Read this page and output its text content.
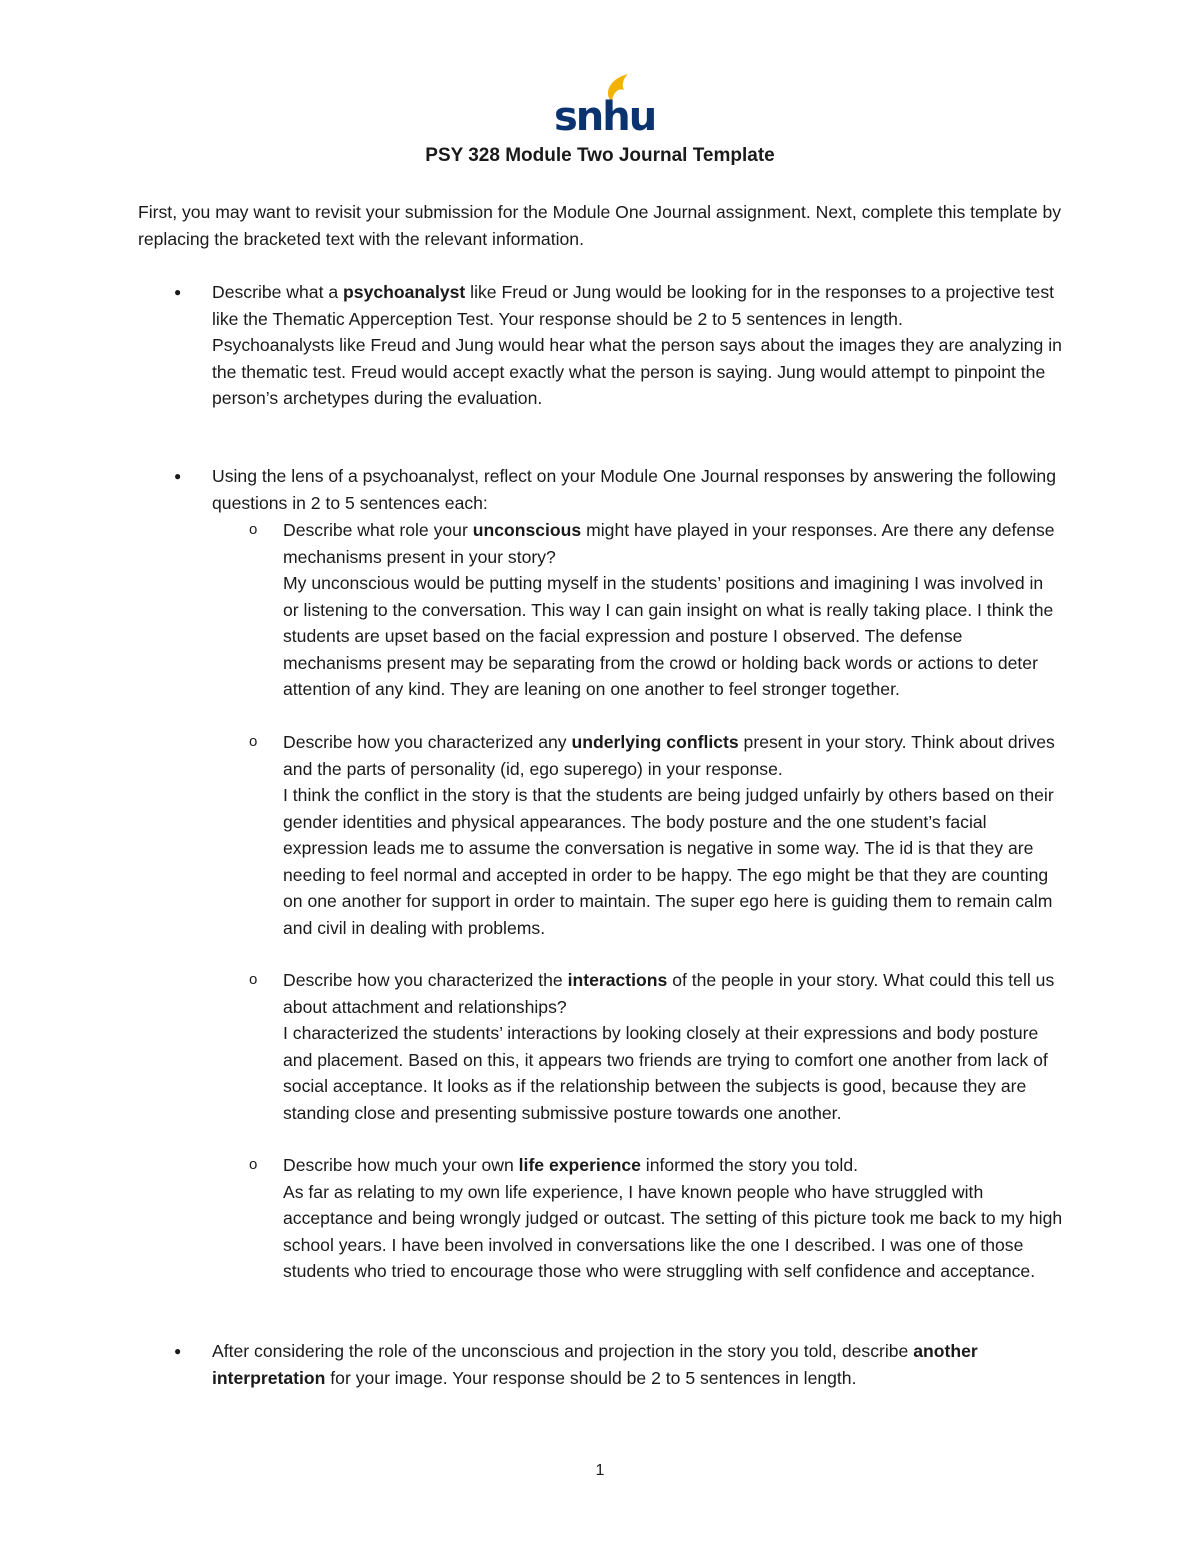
snhu
PSY 328 Module Two Journal Template

First, you may want to revisit your submission for the Module One Journal assignment. Next, complete this template by replacing the bracketed text with the relevant information.

● Describe what a psychoanalyst like Freud or Jung would be looking for in the responses to a projective test like the Thematic Apperception Test. Your response should be 2 to 5 sentences in length.

Psychoanalysts like Freud and Jung would hear what the person says about the images they are analyzing in the thematic test. Freud would accept exactly what the person is saying. Jung would attempt to pinpoint the person’s archetypes during the evaluation.

● Using the lens of a psychoanalyst, reflect on your Module One Journal responses by answering the following questions in 2 to 5 sentences each:

o Describe what role your unconscious might have played in your responses. Are there any defense mechanisms present in your story?

My unconscious would be putting myself in the students’ positions and imagining I was involved in or listening to the conversation. This way I can gain insight on what is really taking place. I think the students are upset based on the facial expression and posture I observed. The defense mechanisms present may be separating from the crowd or holding back words or actions to deter attention of any kind. They are leaning on one another to feel stronger together.

o Describe how you characterized any underlying conflicts present in your story. Think about drives and the parts of personality (id, ego superego) in your response.

I think the conflict in the story is that the students are being judged unfairly by others based on their gender identities and physical appearances. The body posture and the one student’s facial expression leads me to assume the conversation is negative in some way. The id is that they are needing to feel normal and accepted in order to be happy. The ego might be that they are counting on one another for support in order to maintain. The super ego here is guiding them to remain calm and civil in dealing with problems.

o Describe how you characterized the interactions of the people in your story. What could this tell us about attachment and relationships?

I characterized the students’ interactions by looking closely at their expressions and body posture and placement. Based on this, it appears two friends are trying to comfort one another from lack of social acceptance. It looks as if the relationship between the subjects is good, because they are standing close and presenting submissive posture towards one another.

o Describe how much your own life experience informed the story you told.

As far as relating to my own life experience, I have known people who have struggled with acceptance and being wrongly judged or outcast. The setting of this picture took me back to my high school years. I have been involved in conversations like the one I described. I was one of those students who tried to encourage those who were struggling with self confidence and acceptance.

● After considering the role of the unconscious and projection in the story you told, describe another interpretation for your image. Your response should be 2 to 5 sentences in length.

1
